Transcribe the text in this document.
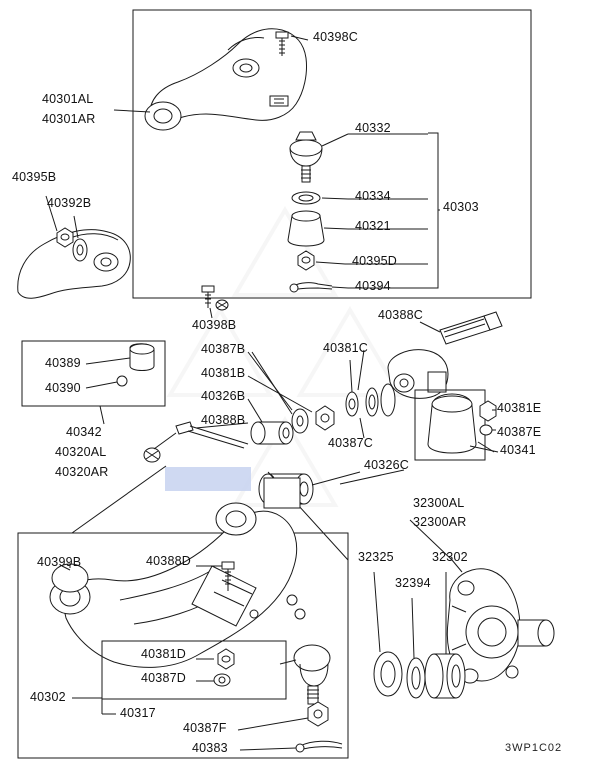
40398C
40301AL
40301AR
40332
40395B
40392B	40334
40303
40321
40395D
40394
40398B
40388C
40389
40387B	40381C
40381B
40390
40326B
40381E
40388B
40387E
40342
40387C
40320AL	40341
40326C
40320AR
32300AL
32300AR
40399B	40388D	32325	32302
32394
40381D
40387D
40302
40317
40387F
40383	3WP1C02
